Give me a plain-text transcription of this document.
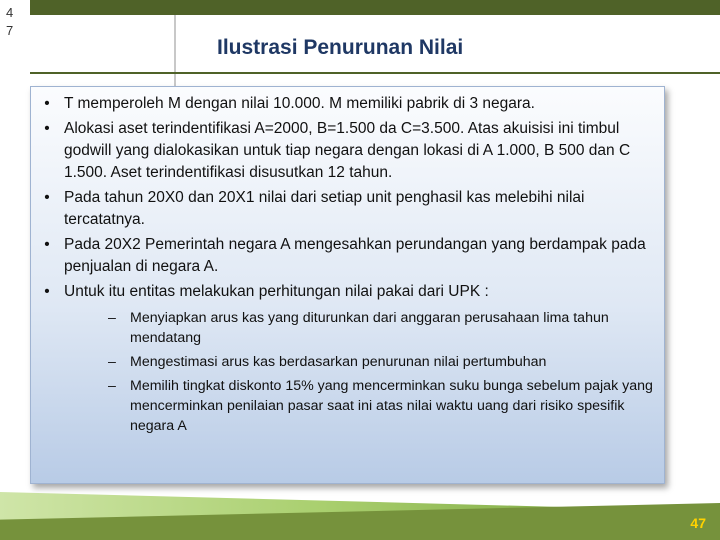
4 7
Ilustrasi Penurunan Nilai
• T memperoleh M dengan nilai 10.000. M memiliki pabrik di 3 negara.
• Alokasi aset terindentifikasi A=2000, B=1.500 da C=3.500. Atas akuisisi ini timbul godwill yang dialokasikan untuk tiap negara dengan lokasi di A 1.000, B 500 dan C 1.500. Aset terindentifikasi disusutkan 12 tahun.
• Pada tahun 20X0 dan 20X1 nilai dari setiap unit penghasil kas melebihi nilai tercatatnya.
• Pada 20X2 Pemerintah negara A mengesahkan perundangan yang berdampak pada penjualan di negara A.
• Untuk itu entitas melakukan perhitungan nilai pakai dari UPK :
– Menyiapkan arus kas yang diturunkan dari anggaran perusahaan lima tahun mendatang
– Mengestimasi arus kas berdasarkan penurunan nilai pertumbuhan
– Memilih tingkat diskonto 15% yang mencerminkan suku bunga sebelum pajak yang mencerminkan penilaian pasar saat ini atas nilai waktu uang dari risiko spesifik negara A
47
